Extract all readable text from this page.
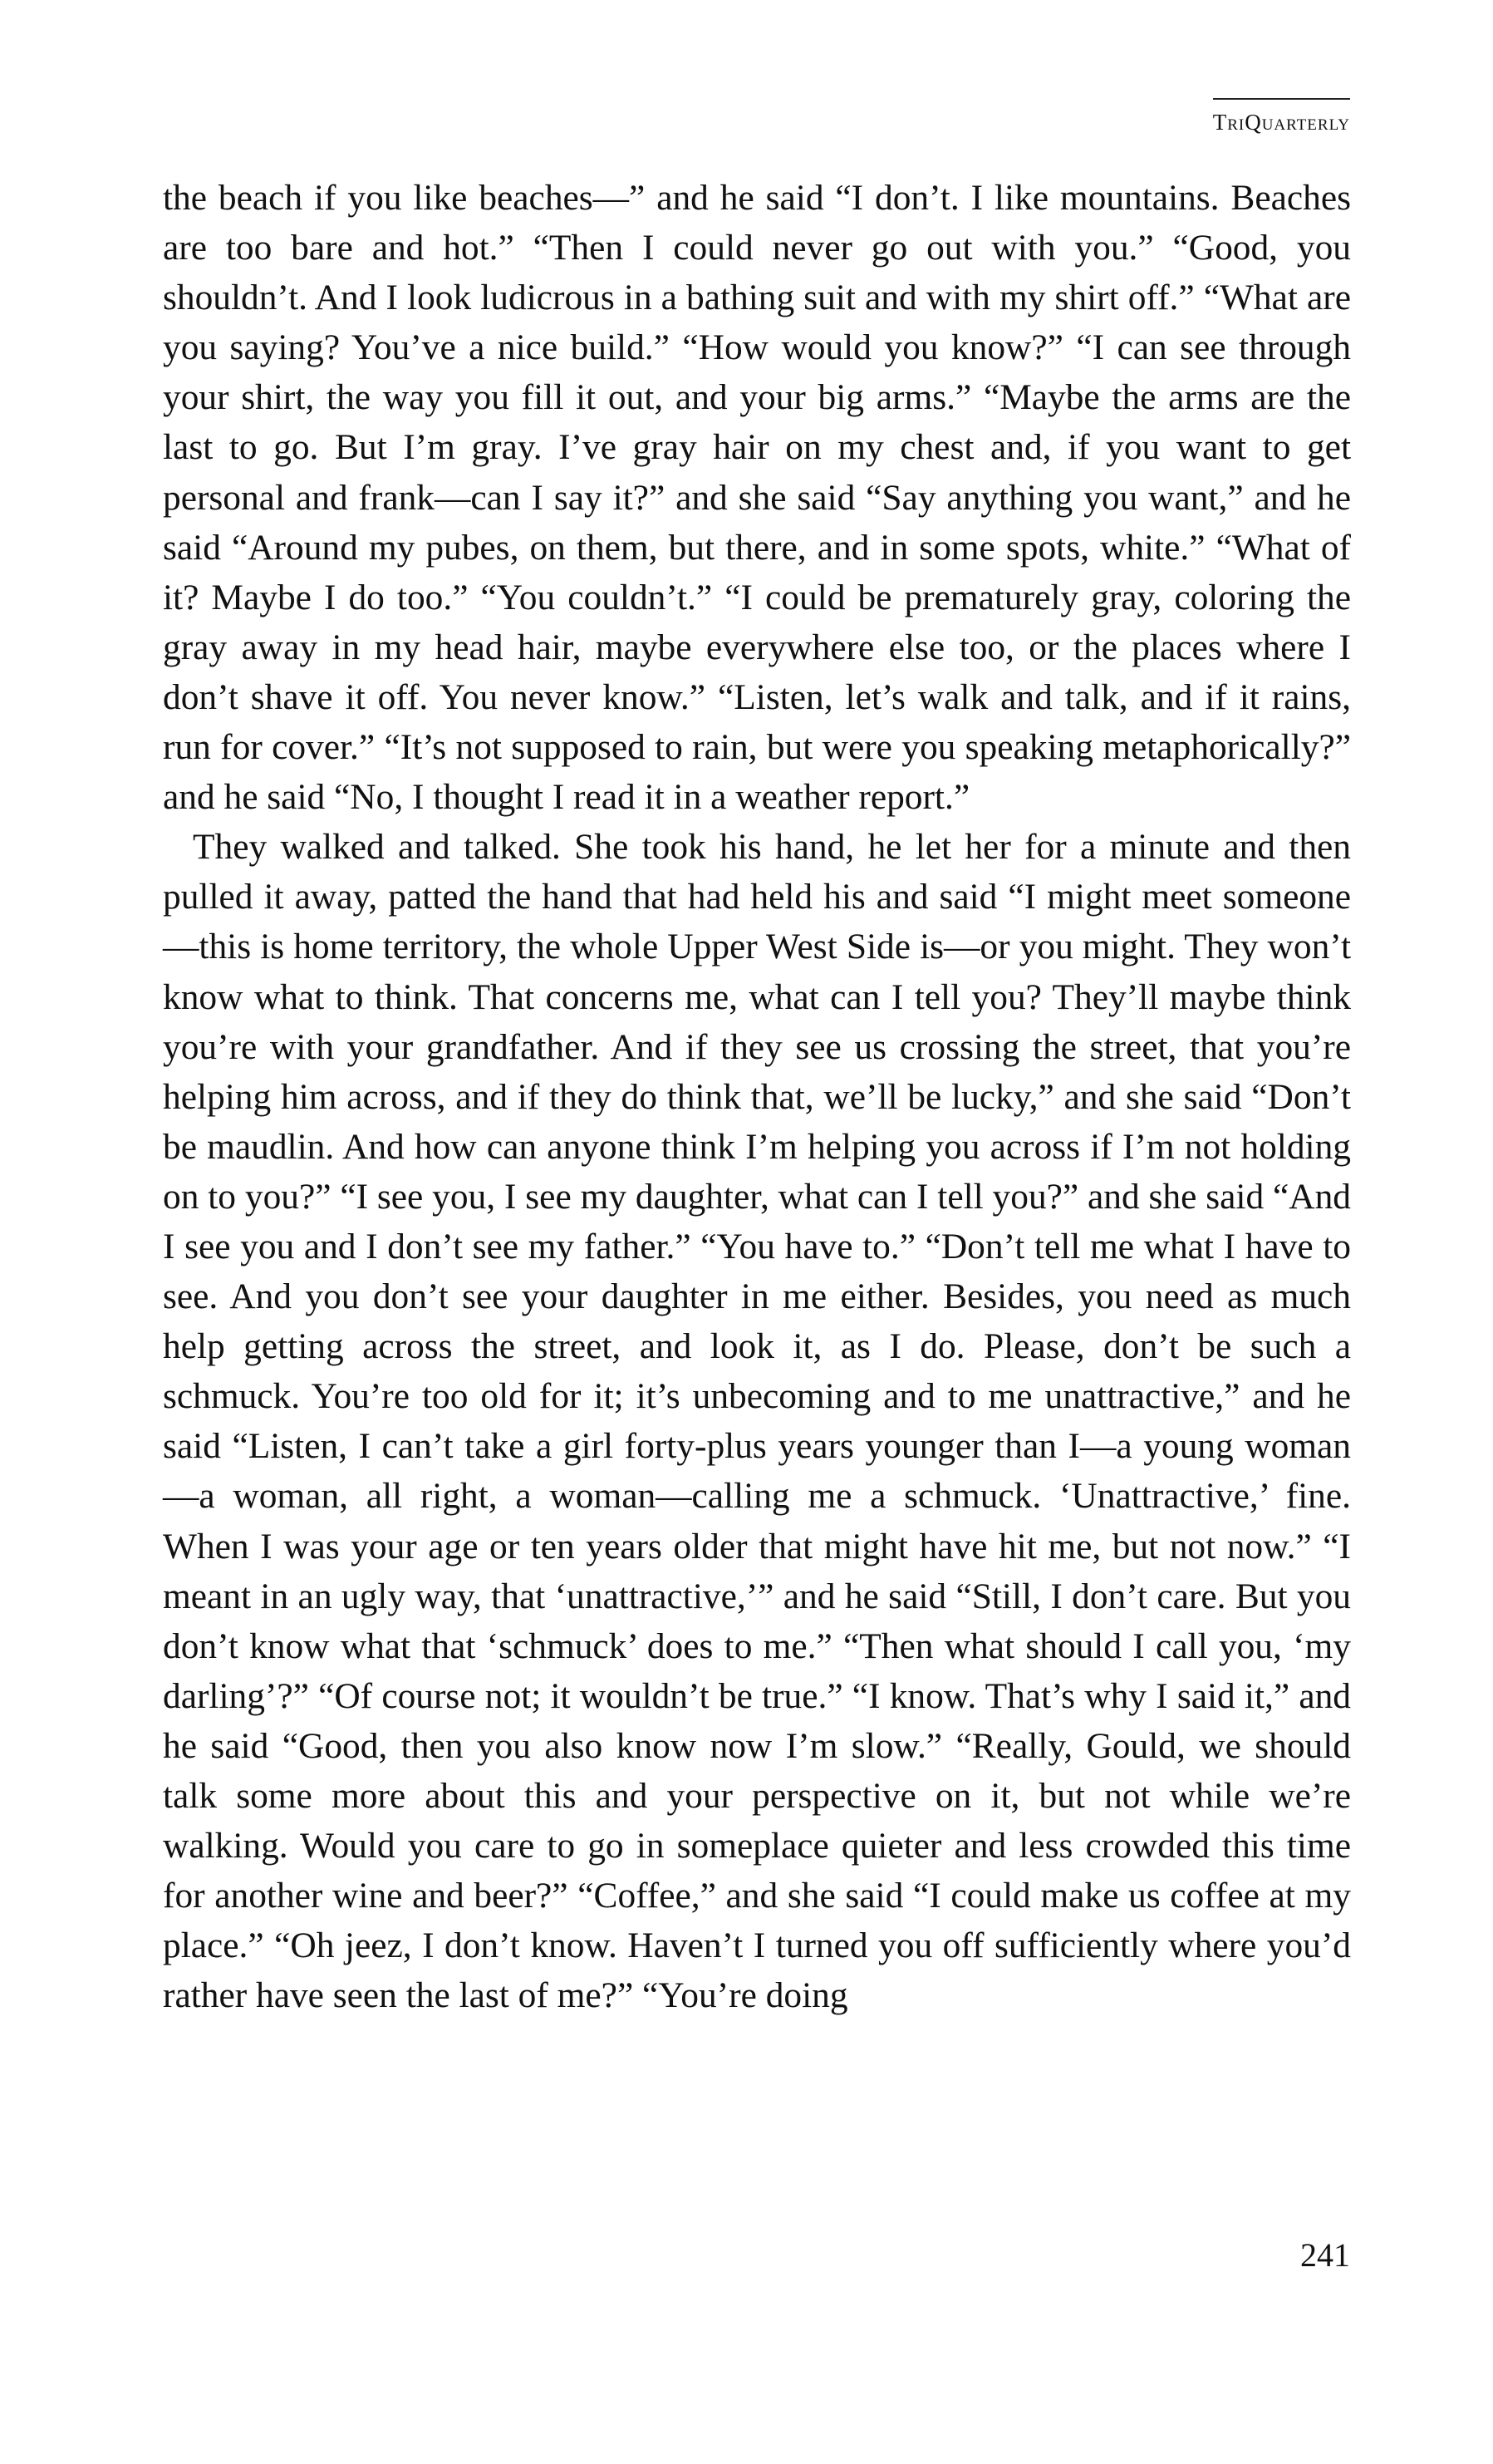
TriQuarterly

the beach if you like beaches—” and he said “I don’t. I like mountains. Beaches are too bare and hot.” “Then I could never go out with you.” “Good, you shouldn’t. And I look ludicrous in a bathing suit and with my shirt off.” “What are you saying? You’ve a nice build.” “How would you know?” “I can see through your shirt, the way you fill it out, and your big arms.” “Maybe the arms are the last to go. But I’m gray. I’ve gray hair on my chest and, if you want to get personal and frank—can I say it?” and she said “Say anything you want,” and he said “Around my pubes, on them, but there, and in some spots, white.” “What of it? Maybe I do too.” “You couldn’t.” “I could be prematurely gray, coloring the gray away in my head hair, maybe everywhere else too, or the places where I don’t shave it off. You never know.” “Listen, let’s walk and talk, and if it rains, run for cover.” “It’s not supposed to rain, but were you speaking metaphorically?” and he said “No, I thought I read it in a weather report.”

They walked and talked. She took his hand, he let her for a minute and then pulled it away, patted the hand that had held his and said “I might meet someone—this is home territory, the whole Upper West Side is—or you might. They won’t know what to think. That concerns me, what can I tell you? They’ll maybe think you’re with your grandfather. And if they see us crossing the street, that you’re helping him across, and if they do think that, we’ll be lucky,” and she said “Don’t be maudlin. And how can anyone think I’m helping you across if I’m not holding on to you?” “I see you, I see my daughter, what can I tell you?” and she said “And I see you and I don’t see my father.” “You have to.” “Don’t tell me what I have to see. And you don’t see your daughter in me either. Besides, you need as much help getting across the street, and look it, as I do. Please, don’t be such a schmuck. You’re too old for it; it’s unbecoming and to me unattractive,” and he said “Listen, I can’t take a girl forty-plus years younger than I—a young woman—a woman, all right, a woman—calling me a schmuck. ‘Unattractive,’ fine. When I was your age or ten years older that might have hit me, but not now.” “I meant in an ugly way, that ‘unattractive,’” and he said “Still, I don’t care. But you don’t know what that ‘schmuck’ does to me.” “Then what should I call you, ‘my darling’?” “Of course not; it wouldn’t be true.” “I know. That’s why I said it,” and he said “Good, then you also know now I’m slow.” “Really, Gould, we should talk some more about this and your perspective on it, but not while we’re walking. Would you care to go in someplace quieter and less crowded this time for another wine and beer?” “Coffee,” and she said “I could make us coffee at my place.” “Oh jeez, I don’t know. Haven’t I turned you off sufficiently where you’d rather have seen the last of me?” “You’re doing

241
